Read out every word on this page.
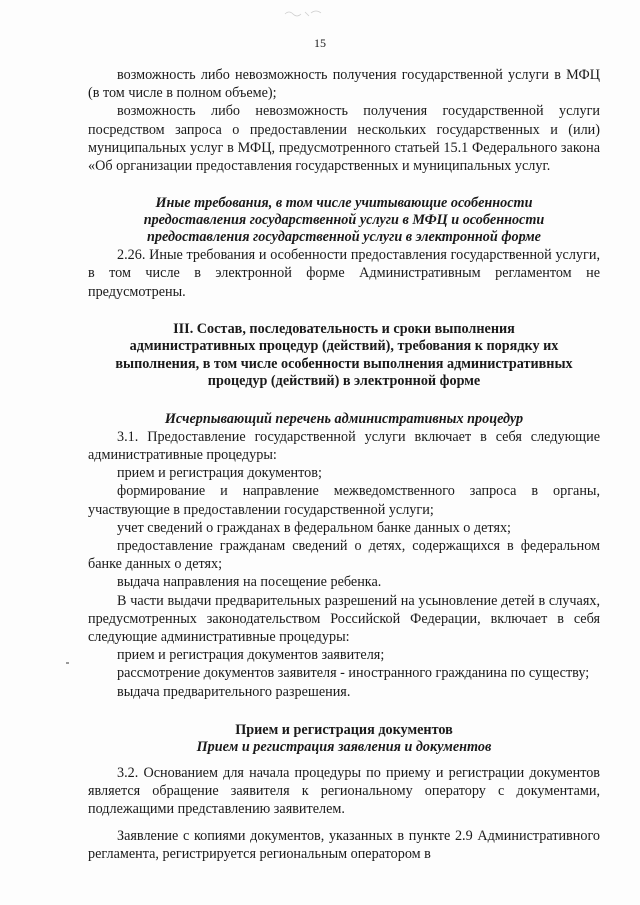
15

возможность либо невозможность получения государственной услуги в МФЦ (в том числе в полном объеме);

возможность либо невозможность получения государственной услуги посредством запроса о предоставлении нескольких государственных и (или) муниципальных услуг в МФЦ, предусмотренного статьей 15.1 Федерального закона «Об организации предоставления государственных и муниципальных услуг.

Иные требования, в том числе учитывающие особенности

предоставления государственной услуги в МФЦ и особенности

предоставления государственной услуги в электронной форме

2.26. Иные требования и особенности предоставления государственной услуги, в том числе в электронной форме Административным регламентом не предусмотрены.

III. Состав, последовательность и сроки выполнения

административных процедур (действий), требования к порядку их

выполнения, в том числе особенности выполнения административных

процедур (действий) в электронной форме

Исчерпывающий перечень административных процедур

3.1. Предоставление государственной услуги включает в себя следующие административные процедуры:

прием и регистрация документов;

формирование и направление межведомственного запроса в органы, участвующие в предоставлении государственной услуги;

учет сведений о гражданах в федеральном банке данных о детях;

предоставление гражданам сведений о детях, содержащихся в федеральном банке данных о детях;

выдача направления на посещение ребенка.

В части выдачи предварительных разрешений на усыновление детей в случаях, предусмотренных законодательством Российской Федерации, включает в себя следующие административные процедуры:

прием и регистрация документов заявителя;

рассмотрение документов заявителя - иностранного гражданина по существу;

выдача предварительного разрешения.

Прием и регистрация документов

Прием и регистрация заявления и документов

3.2. Основанием для начала процедуры по приему и регистрации документов является обращение заявителя к региональному оператору с документами, подлежащими представлению заявителем.

Заявление с копиями документов, указанных в пункте 2.9 Административного регламента, регистрируется региональным оператором в
